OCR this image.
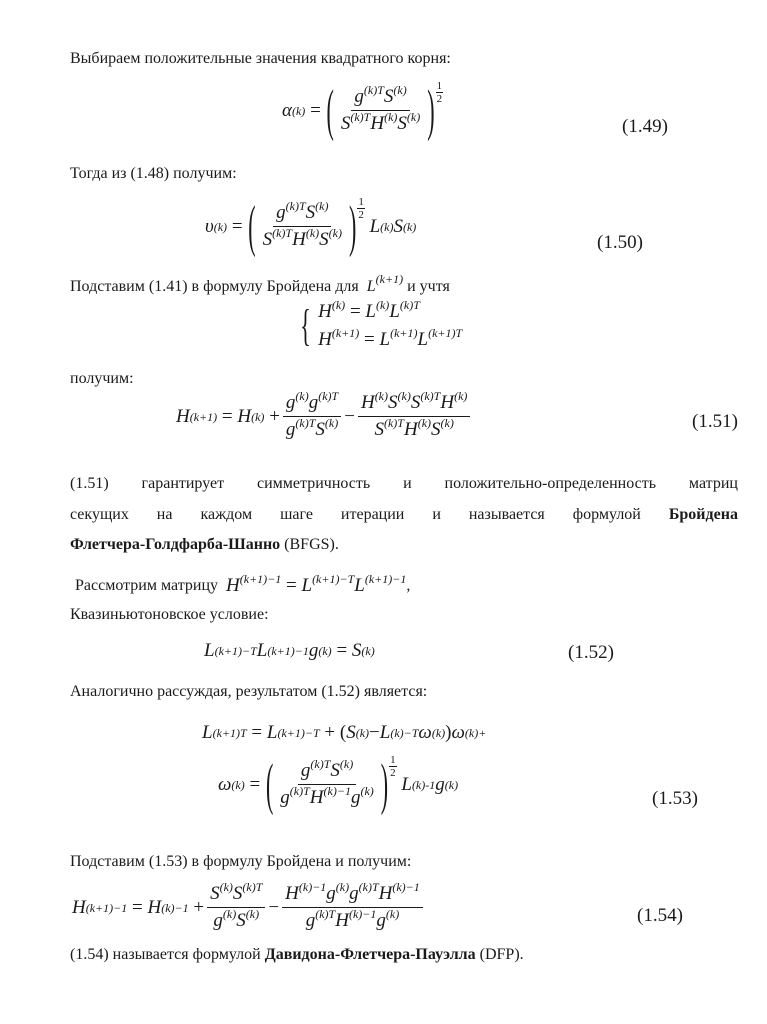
Выбираем положительные значения квадратного корня:
α (k) = ( $\frac{g^{(k)T}S^{(k)}}{S^{(k)T}H^{(k)}S^{(k)}}$ ) 1
2
(1.49)
Тогда из (1.48) получим:
υ (k) = ( $\frac{g^{(k)T}S^{(k)}}{S^{(k)T}H^{(k)}S^{(k)}}$ ) 1
2

L (k) S (k)
(1.50)
Подставим (1.41) в формулу Бройдена для  $L^{(k+1)}$ и учтя
{ $H^{(k)} = L^{(k)}L^{(k)T}$
$H^{(k+1)} = L^{(k+1)}L^{(k+1)T}$
получим:
H (k+1) = H $(k) + \frac{g^{(k)}g^{(k)T}}{g^{(k)T}S^{(k)}} - \frac{H^{(k)}S^{(k)}S^{(k)T}H^{(k)}}{S^{(k)T}H^{(k)}S^{(k)}}$	(1.51)
(1.51) гарантирует симметричность и положительно-определенность матриц
секущих на каждом шаге итерации и называется формулой Бройдена
Флетчера-Голдфарба-Шанно (BFGS).
Рассмотрим матрицу $H^{(k+1)-1} = L^{(k+1)-T}L^{(k+1)-1}$ ,
Квазиньютоновское условие:
L (k+1)−T L (k+1)−1 g (k) = S (k)	(1.52)
Аналогично рассуждая, результатом (1.52) является:
L (k+1)T = L (k+1)−T + ( S (k) − L (k)−T ω (k) ) ω (k)+
ω (k) = ( $\frac{g^{(k)T}S^{(k)}}{g^{(k)T}H^{(k)-1}g^{(k)}}$ ) 1
2

L (k)-1 g (k)
(1.53)
Подставим (1.53) в формулу Бройдена и получим:
H (k+1)−1 = H $(k)-1 + \frac{S^{(k)}S^{(k)T}}{g^{(k)}S^{(k)}} - \frac{H^{(k)-1}g^{(k)}g^{(k)T}H^{(k)-1}}{g^{(k)T}H^{(k)-1}g^{(k)}}$	(1.54)
(1.54) называется формулой Давидона-Флетчера-Пауэлла (DFP).
